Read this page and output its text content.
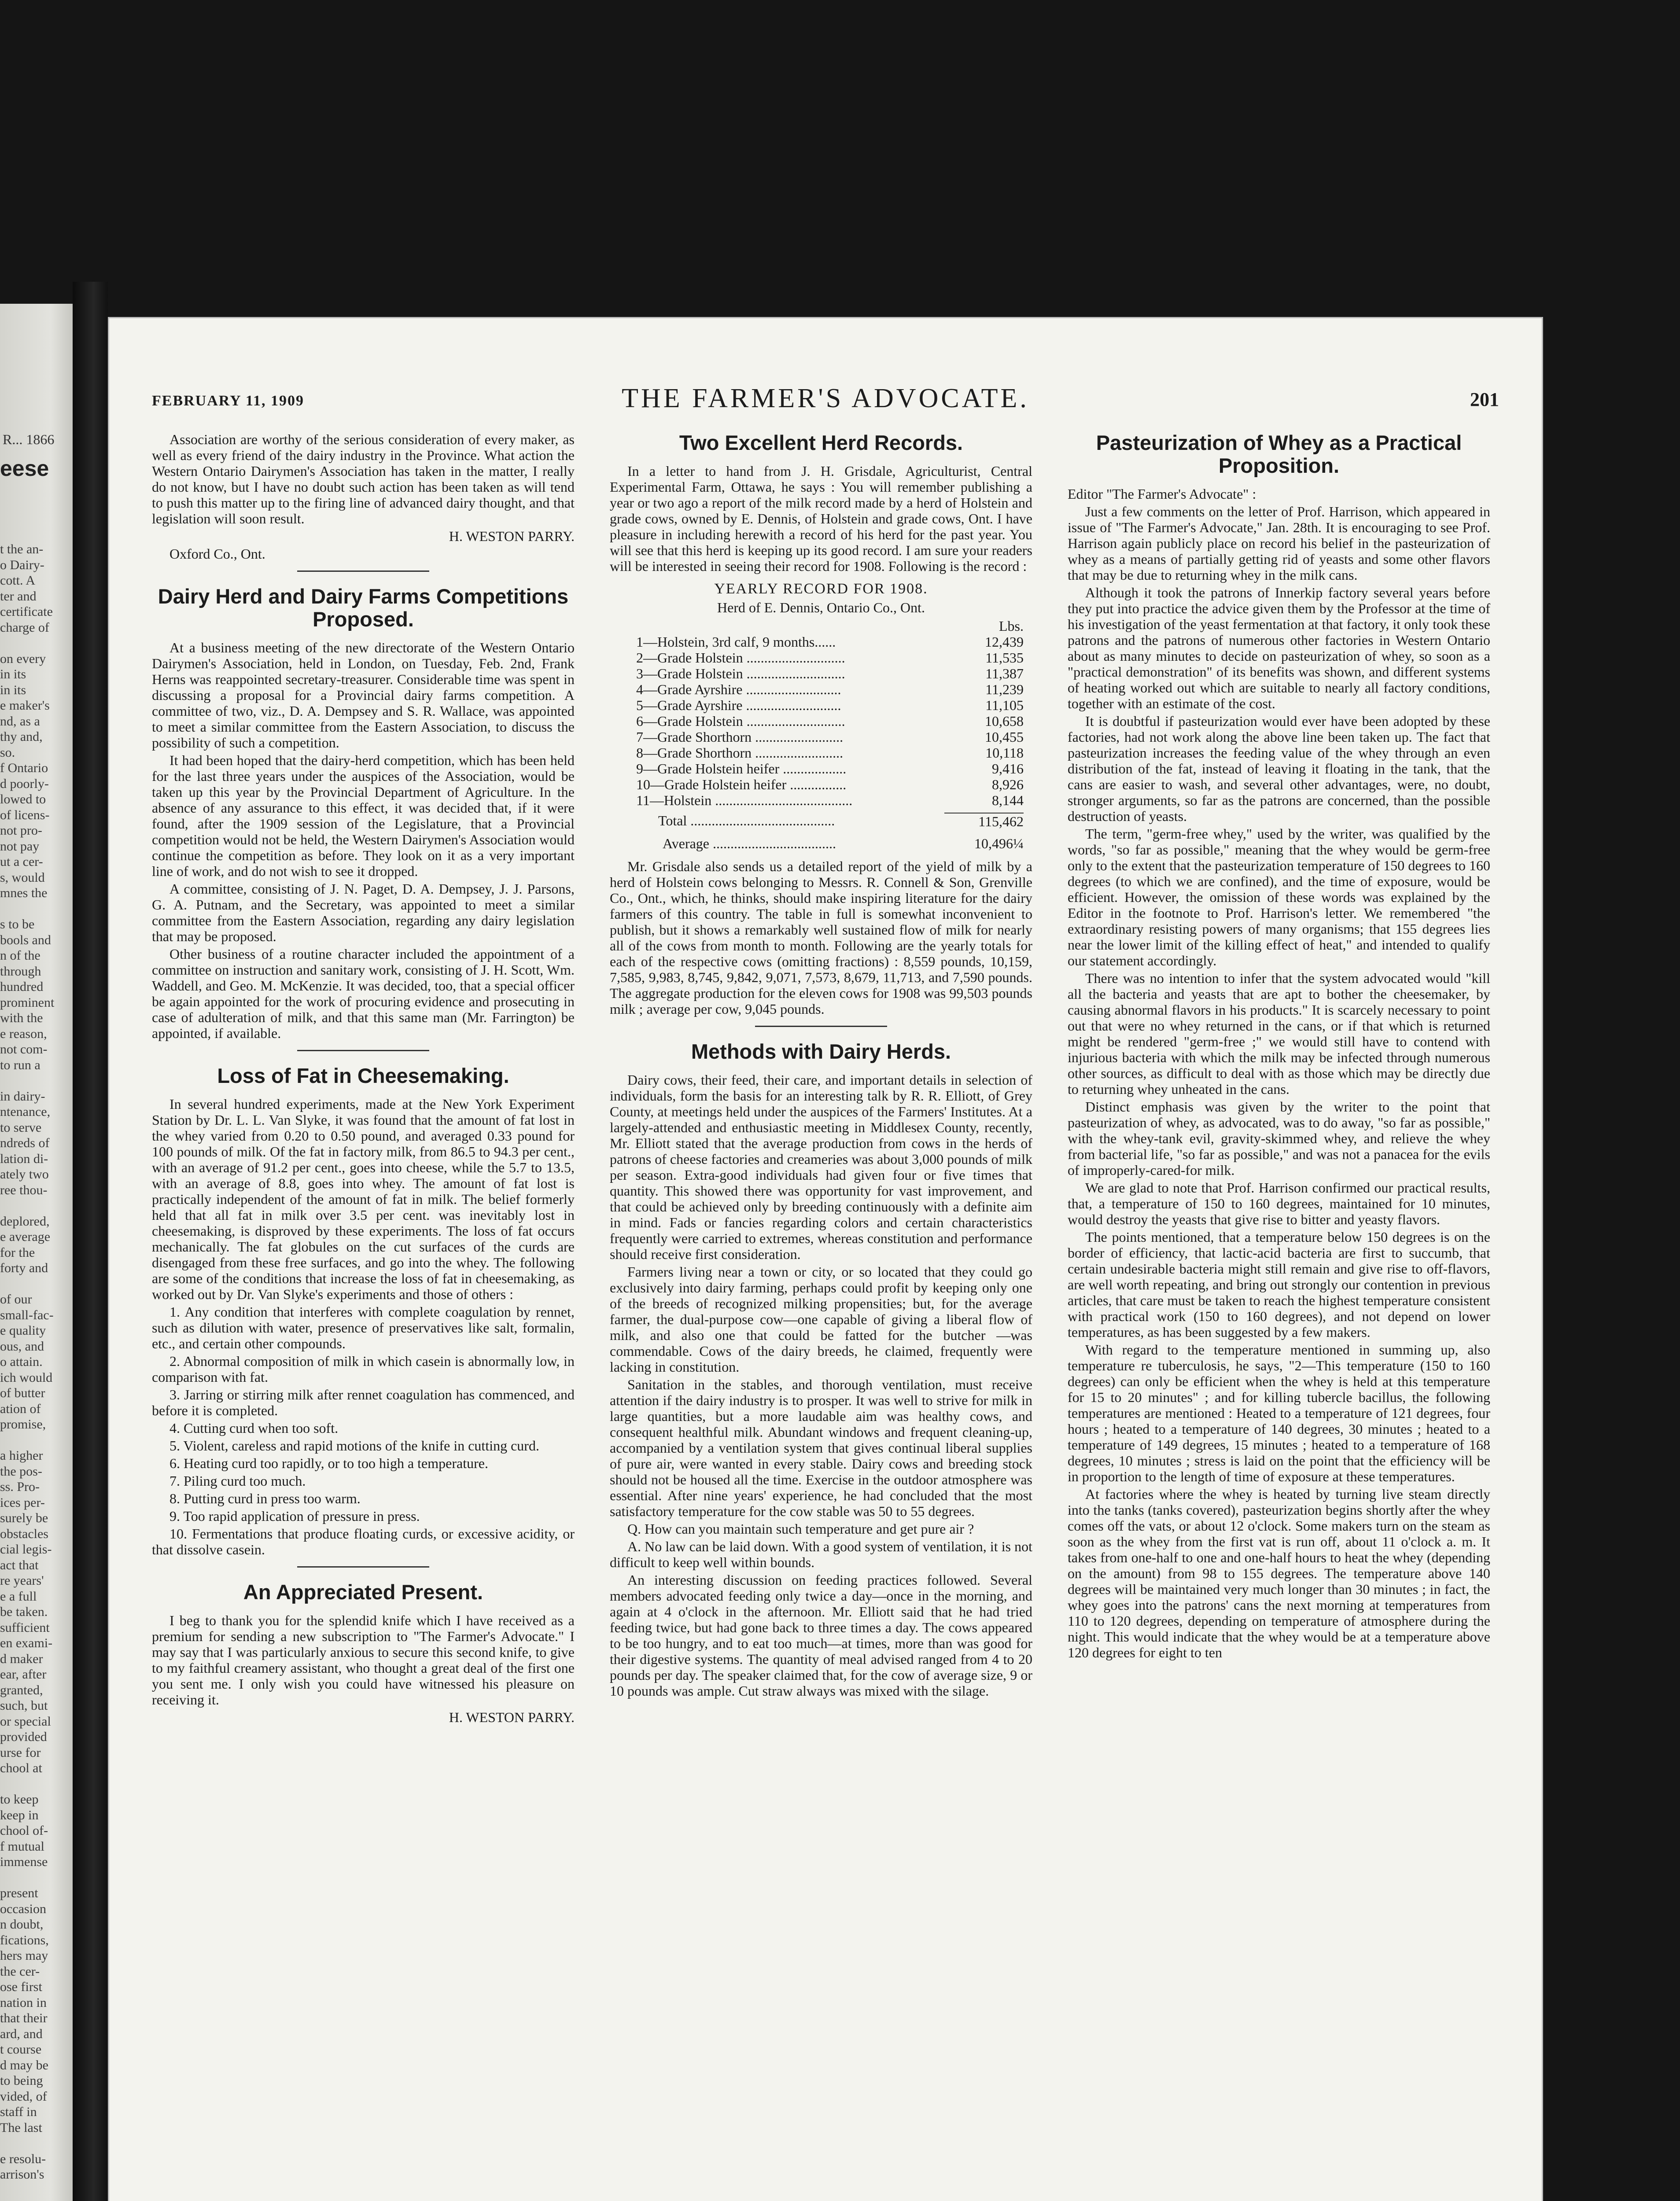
R... 1866
eese
t the an-
o Dairy-
cott. A
ter and
certificate
charge of

on every
in its
in its
e maker's
nd, as a
thy and,
so.
f Ontario
d poorly-
lowed to
of licens-
not pro-
not pay
ut a cer-
s, would
mnes the

s to be
bools and
n of the
through
hundred
prominent
with the
e reason,
not com-
to run a

in dairy-
ntenance,
to serve
ndreds of
lation di-
ately two
ree thou-

deplored,
e average
for the
forty and

of our
small-fac-
e quality
ous, and
o attain.
ich would
of butter
ation of
promise,

a higher
the pos-
ss. Pro-
ices per-
surely be
obstacles
cial legis-
act that
re years'
e a full
be taken.
sufficient
en exami-
d maker
ear, after
granted,
such, but
or special
provided
urse for
chool at

to keep
keep in
chool of-
f mutual
immense

present
occasion
n doubt,
fications,
hers may
the cer-
ose first
nation in
that their
ard, and
t course
d may be
to being
vided, of
staff in
The last

e resolu-
arrison's
FEBRUARY 11, 1909	THE FARMER'S ADVOCATE.	201

Association are worthy of the serious consideration of every maker, as well as every friend of the dairy industry in the Province. What action the Western Ontario Dairymen's Association has taken in the matter, I really do not know, but I have no doubt such action has been taken as will tend to push this matter up to the firing line of advanced dairy thought, and that legislation will soon result.

H. WESTON PARRY.

Oxford Co., Ont.

Dairy Herd and Dairy Farms Competitions Proposed.

At a business meeting of the new directorate of the Western Ontario Dairymen's Association, held in London, on Tuesday, Feb. 2nd, Frank Herns was reappointed secretary-treasurer. Considerable time was spent in discussing a proposal for a Provincial dairy farms competition. A committee of two, viz., D. A. Dempsey and S. R. Wallace, was appointed to meet a similar committee from the Eastern Association, to discuss the possibility of such a competition.

It had been hoped that the dairy-herd competition, which has been held for the last three years under the auspices of the Association, would be taken up this year by the Provincial Department of Agriculture. In the absence of any assurance to this effect, it was decided that, if it were found, after the 1909 session of the Legislature, that a Provincial competition would not be held, the Western Dairymen's Association would continue the competition as before. They look on it as a very important line of work, and do not wish to see it dropped.

A committee, consisting of J. N. Paget, D. A. Dempsey, J. J. Parsons, G. A. Putnam, and the Secretary, was appointed to meet a similar committee from the Eastern Association, regarding any dairy legislation that may be proposed.

Other business of a routine character included the appointment of a committee on instruction and sanitary work, consisting of J. H. Scott, Wm. Waddell, and Geo. M. McKenzie. It was decided, too, that a special officer be again appointed for the work of procuring evidence and prosecuting in case of adulteration of milk, and that this same man (Mr. Farrington) be appointed, if available.

Loss of Fat in Cheesemaking.

In several hundred experiments, made at the New York Experiment Station by Dr. L. L. Van Slyke, it was found that the amount of fat lost in the whey varied from 0.20 to 0.50 pound, and averaged 0.33 pound for 100 pounds of milk. Of the fat in factory milk, from 86.5 to 94.3 per cent., with an average of 91.2 per cent., goes into cheese, while the 5.7 to 13.5, with an average of 8.8, goes into whey. The amount of fat lost is practically independent of the amount of fat in milk. The belief formerly held that all fat in milk over 3.5 per cent. was inevitably lost in cheesemaking, is disproved by these experiments. The loss of fat occurs mechanically. The fat globules on the cut surfaces of the curds are disengaged from these free surfaces, and go into the whey. The following are some of the conditions that increase the loss of fat in cheesemaking, as worked out by Dr. Van Slyke's experiments and those of others :

1. Any condition that interferes with complete coagulation by rennet, such as dilution with water, presence of preservatives like salt, formalin, etc., and certain other compounds.

2. Abnormal composition of milk in which casein is abnormally low, in comparison with fat.

3. Jarring or stirring milk after rennet coagulation has commenced, and before it is completed.

4. Cutting curd when too soft.

5. Violent, careless and rapid motions of the knife in cutting curd.

6. Heating curd too rapidly, or to too high a temperature.

7. Piling curd too much.

8. Putting curd in press too warm.

9. Too rapid application of pressure in press.

10. Fermentations that produce floating curds, or excessive acidity, or that dissolve casein.

An Appreciated Present.

I beg to thank you for the splendid knife which I have received as a premium for sending a new subscription to "The Farmer's Advocate." I may say that I was particularly anxious to secure this second knife, to give to my faithful creamery assistant, who thought a great deal of the first one you sent me. I only wish you could have witnessed his pleasure on receiving it.

H. WESTON PARRY.

Two Excellent Herd Records.

In a letter to hand from J. H. Grisdale, Agriculturist, Central Experimental Farm, Ottawa, he says : You will remember publishing a year or two ago a report of the milk record made by a herd of Holstein and grade cows, owned by E. Dennis, of Holstein and grade cows, Ont. I have pleasure in including herewith a record of his herd for the past year. You will see that this herd is keeping up its good record. I am sure your readers will be interested in seeing their record for 1908. Following is the record :

YEARLY RECORD FOR 1908.
Herd of E. Dennis, Ontario Co., Ont.
Lbs.
1—Holstein, 3rd calf, 9 months......	12,439
2—Grade Holstein ............................	11,535
3—Grade Holstein ............................	11,387
4—Grade Ayrshire ...........................	11,239
5—Grade Ayrshire ...........................	11,105
6—Grade Holstein ............................	10,658
7—Grade Shorthorn .........................	10,455
8—Grade Shorthorn .........................	10,118
9—Grade Holstein heifer ..................	9,416
10—Grade Holstein heifer ................	8,926
11—Holstein .......................................	8,144
Total .........................................	115,462
Average ...................................	10,496¼

Mr. Grisdale also sends us a detailed report of the yield of milk by a herd of Holstein cows belonging to Messrs. R. Connell & Son, Grenville Co., Ont., which, he thinks, should make inspiring literature for the dairy farmers of this country. The table in full is somewhat inconvenient to publish, but it shows a remarkably well sustained flow of milk for nearly all of the cows from month to month. Following are the yearly totals for each of the respective cows (omitting fractions) : 8,559 pounds, 10,159, 7,585, 9,983, 8,745, 9,842, 9,071, 7,573, 8,679, 11,713, and 7,590 pounds. The aggregate production for the eleven cows for 1908 was 99,503 pounds milk ; average per cow, 9,045 pounds.

Methods with Dairy Herds.

Dairy cows, their feed, their care, and important details in selection of individuals, form the basis for an interesting talk by R. R. Elliott, of Grey County, at meetings held under the auspices of the Farmers' Institutes. At a largely-attended and enthusiastic meeting in Middlesex County, recently, Mr. Elliott stated that the average production from cows in the herds of patrons of cheese factories and creameries was about 3,000 pounds of milk per season. Extra-good individuals had given four or five times that quantity. This showed there was opportunity for vast improvement, and that could be achieved only by breeding continuously with a definite aim in mind. Fads or fancies regarding colors and certain characteristics frequently were carried to extremes, whereas constitution and performance should receive first consideration.

Farmers living near a town or city, or so located that they could go exclusively into dairy farming, perhaps could profit by keeping only one of the breeds of recognized milking propensities; but, for the average farmer, the dual-purpose cow—one capable of giving a liberal flow of milk, and also one that could be fatted for the butcher —was commendable. Cows of the dairy breeds, he claimed, frequently were lacking in constitution.

Sanitation in the stables, and thorough ventilation, must receive attention if the dairy industry is to prosper. It was well to strive for milk in large quantities, but a more laudable aim was healthy cows, and consequent healthful milk. Abundant windows and frequent cleaning-up, accompanied by a ventilation system that gives continual liberal supplies of pure air, were wanted in every stable. Dairy cows and breeding stock should not be housed all the time. Exercise in the outdoor atmosphere was essential. After nine years' experience, he had concluded that the most satisfactory temperature for the cow stable was 50 to 55 degrees.

Q. How can you maintain such temperature and get pure air ?

A. No law can be laid down. With a good system of ventilation, it is not difficult to keep well within bounds.

An interesting discussion on feeding practices followed. Several members advocated feeding only twice a day—once in the morning, and again at 4 o'clock in the afternoon. Mr. Elliott said that he had tried feeding twice, but had gone back to three times a day. The cows appeared to be too hungry, and to eat too much—at times, more than was good for their digestive systems. The quantity of meal advised ranged from 4 to 20 pounds per day. The speaker claimed that, for the cow of average size, 9 or 10 pounds was ample. Cut straw always was mixed with the silage.

Pasteurization of Whey as a Practical Proposition.

Editor "The Farmer's Advocate" :

Just a few comments on the letter of Prof. Harrison, which appeared in issue of "The Farmer's Advocate," Jan. 28th. It is encouraging to see Prof. Harrison again publicly place on record his belief in the pasteurization of whey as a means of partially getting rid of yeasts and some other flavors that may be due to returning whey in the milk cans.

Although it took the patrons of Innerkip factory several years before they put into practice the advice given them by the Professor at the time of his investigation of the yeast fermentation at that factory, it only took these patrons and the patrons of numerous other factories in Western Ontario about as many minutes to decide on pasteurization of whey, so soon as a "practical demonstration" of its benefits was shown, and different systems of heating worked out which are suitable to nearly all factory conditions, together with an estimate of the cost.

It is doubtful if pasteurization would ever have been adopted by these factories, had not work along the above line been taken up. The fact that pasteurization increases the feeding value of the whey through an even distribution of the fat, instead of leaving it floating in the tank, that the cans are easier to wash, and several other advantages, were, no doubt, stronger arguments, so far as the patrons are concerned, than the possible destruction of yeasts.

The term, "germ-free whey," used by the writer, was qualified by the words, "so far as possible," meaning that the whey would be germ-free only to the extent that the pasteurization temperature of 150 degrees to 160 degrees (to which we are confined), and the time of exposure, would be efficient. However, the omission of these words was explained by the Editor in the footnote to Prof. Harrison's letter. We remembered "the extraordinary resisting powers of many organisms; that 155 degrees lies near the lower limit of the killing effect of heat," and intended to qualify our statement accordingly.

There was no intention to infer that the system advocated would "kill all the bacteria and yeasts that are apt to bother the cheesemaker, by causing abnormal flavors in his products." It is scarcely necessary to point out that were no whey returned in the cans, or if that which is returned might be rendered "germ-free ;" we would still have to contend with injurious bacteria with which the milk may be infected through numerous other sources, as difficult to deal with as those which may be directly due to returning whey unheated in the cans.

Distinct emphasis was given by the writer to the point that pasteurization of whey, as advocated, was to do away, "so far as possible," with the whey-tank evil, gravity-skimmed whey, and relieve the whey from bacterial life, "so far as possible," and was not a panacea for the evils of improperly-cared-for milk.

We are glad to note that Prof. Harrison confirmed our practical results, that, a temperature of 150 to 160 degrees, maintained for 10 minutes, would destroy the yeasts that give rise to bitter and yeasty flavors.

The points mentioned, that a temperature below 150 degrees is on the border of efficiency, that lactic-acid bacteria are first to succumb, that certain undesirable bacteria might still remain and give rise to off-flavors, are well worth repeating, and bring out strongly our contention in previous articles, that care must be taken to reach the highest temperature consistent with practical work (150 to 160 degrees), and not depend on lower temperatures, as has been suggested by a few makers.

With regard to the temperature mentioned in summing up, also temperature re tuberculosis, he says, "2—This temperature (150 to 160 degrees) can only be efficient when the whey is held at this temperature for 15 to 20 minutes" ; and for killing tubercle bacillus, the following temperatures are mentioned : Heated to a temperature of 121 degrees, four hours ; heated to a temperature of 140 degrees, 30 minutes ; heated to a temperature of 149 degrees, 15 minutes ; heated to a temperature of 168 degrees, 10 minutes ; stress is laid on the point that the efficiency will be in proportion to the length of time of exposure at these temperatures.

At factories where the whey is heated by turning live steam directly into the tanks (tanks covered), pasteurization begins shortly after the whey comes off the vats, or about 12 o'clock. Some makers turn on the steam as soon as the whey from the first vat is run off, about 11 o'clock a. m. It takes from one-half to one and one-half hours to heat the whey (depending on the amount) from 98 to 155 degrees. The temperature above 140 degrees will be maintained very much longer than 30 minutes ; in fact, the whey goes into the patrons' cans the next morning at temperatures from 110 to 120 degrees, depending on temperature of atmosphere during the night. This would indicate that the whey would be at a temperature above 120 degrees for eight to ten
